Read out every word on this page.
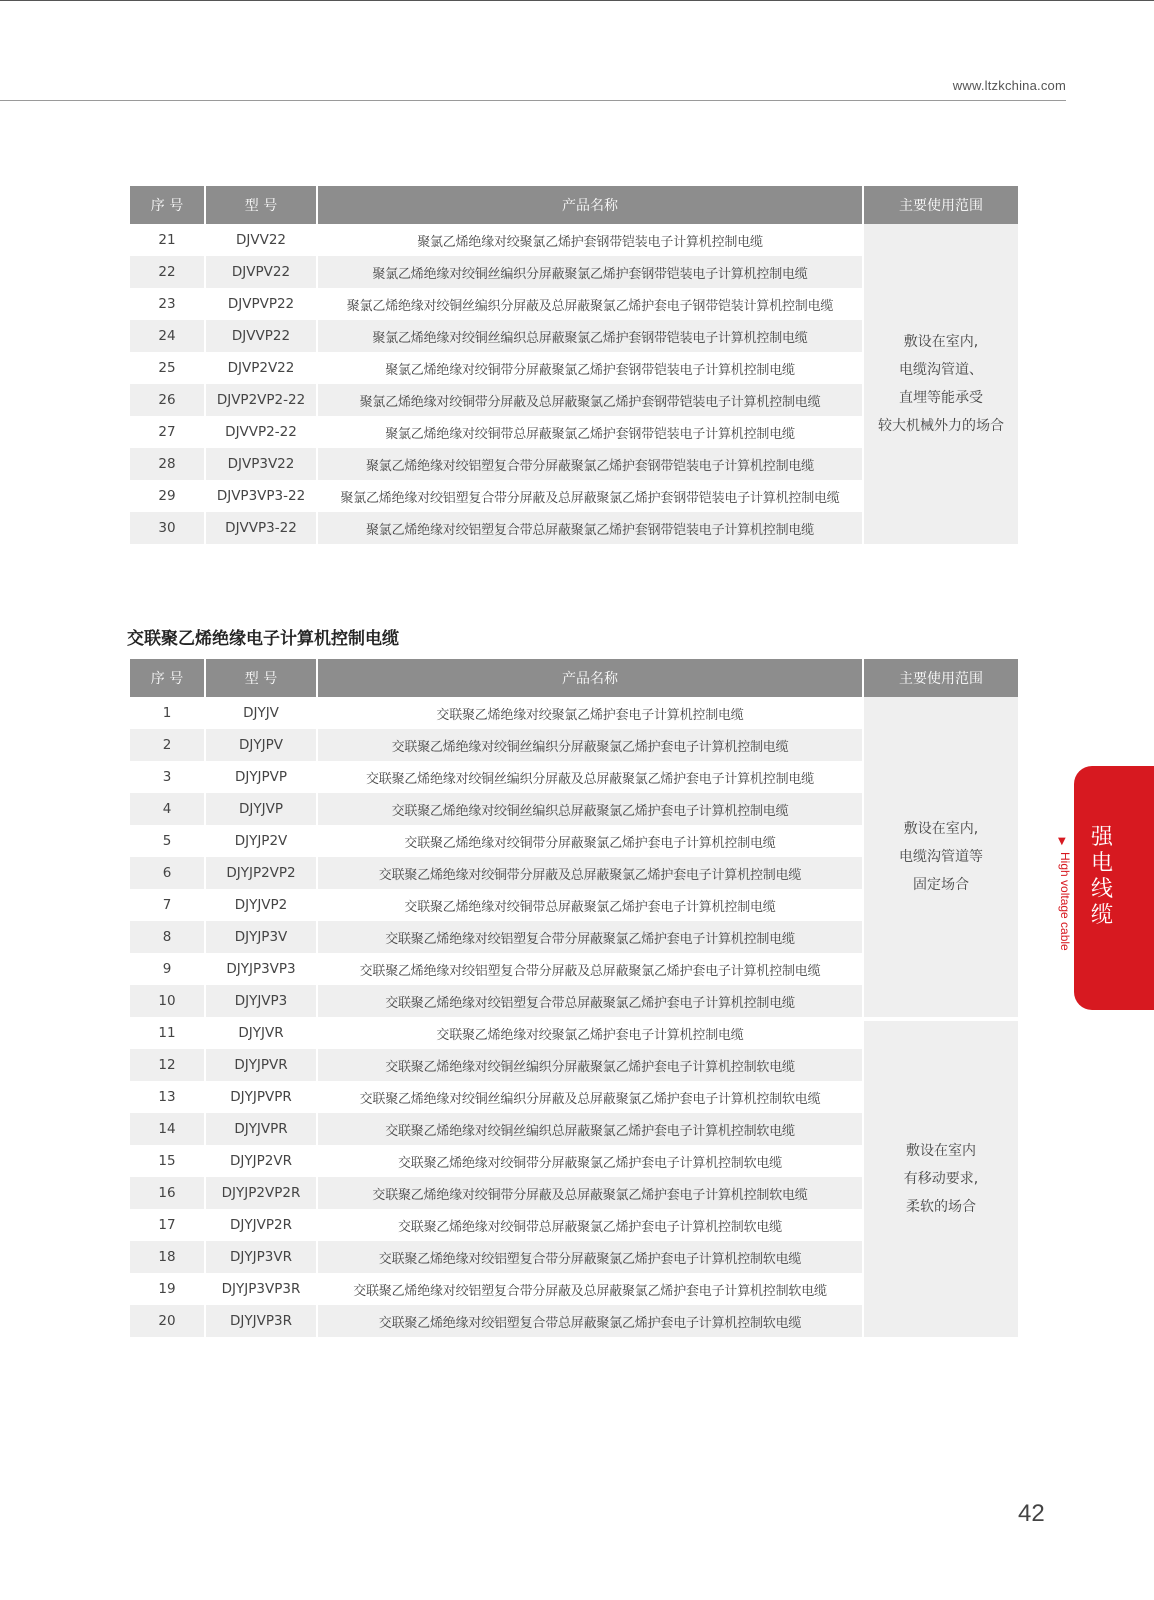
www.ltzkchina.com
序 号	型 号	产品名称	主要使用范围
21	DJVV22	聚氯乙烯绝缘对绞聚氯乙烯护套钢带铠装电子计算机控制电缆	敷设在室内,
电缆沟管道、
直埋等能承受
较大机械外力的场合

22	DJVPV22	聚氯乙烯绝缘对绞铜丝编织分屏蔽聚氯乙烯护套钢带铠装电子计算机控制电缆	
23	DJVPVP22	聚氯乙烯绝缘对绞铜丝编织分屏蔽及总屏蔽聚氯乙烯护套电子钢带铠装计算机控制电缆	
24	DJVVP22	聚氯乙烯绝缘对绞铜丝编织总屏蔽聚氯乙烯护套钢带铠装电子计算机控制电缆	
25	DJVP2V22	聚氯乙烯绝缘对绞铜带分屏蔽聚氯乙烯护套钢带铠装电子计算机控制电缆	
26	DJVP2VP2-22	聚氯乙烯绝缘对绞铜带分屏蔽及总屏蔽聚氯乙烯护套钢带铠装电子计算机控制电缆	
27	DJVVP2-22	聚氯乙烯绝缘对绞铜带总屏蔽聚氯乙烯护套钢带铠装电子计算机控制电缆	
28	DJVP3V22	聚氯乙烯绝缘对绞铝塑复合带分屏蔽聚氯乙烯护套钢带铠装电子计算机控制电缆	
29	DJVP3VP3-22	聚氯乙烯绝缘对绞铝塑复合带分屏蔽及总屏蔽聚氯乙烯护套钢带铠装电子计算机控制电缆	
30	DJVVP3-22	聚氯乙烯绝缘对绞铝塑复合带总屏蔽聚氯乙烯护套钢带铠装电子计算机控制电缆	
交联聚乙烯绝缘电子计算机控制电缆
序 号	型 号	产品名称	主要使用范围
1	DJYJV	交联聚乙烯绝缘对绞聚氯乙烯护套电子计算机控制电缆	敷设在室内,
电缆沟管道等
固定场合

2	DJYJPV	交联聚乙烯绝缘对绞铜丝编织分屏蔽聚氯乙烯护套电子计算机控制电缆	
3	DJYJPVP	交联聚乙烯绝缘对绞铜丝编织分屏蔽及总屏蔽聚氯乙烯护套电子计算机控制电缆	
4	DJYJVP	交联聚乙烯绝缘对绞铜丝编织总屏蔽聚氯乙烯护套电子计算机控制电缆	
5	DJYJP2V	交联聚乙烯绝缘对绞铜带分屏蔽聚氯乙烯护套电子计算机控制电缆	
6	DJYJP2VP2	交联聚乙烯绝缘对绞铜带分屏蔽及总屏蔽聚氯乙烯护套电子计算机控制电缆	
7	DJYJVP2	交联聚乙烯绝缘对绞铜带总屏蔽聚氯乙烯护套电子计算机控制电缆	
8	DJYJP3V	交联聚乙烯绝缘对绞铝塑复合带分屏蔽聚氯乙烯护套电子计算机控制电缆	
9	DJYJP3VP3	交联聚乙烯绝缘对绞铝塑复合带分屏蔽及总屏蔽聚氯乙烯护套电子计算机控制电缆	
10	DJYJVP3	交联聚乙烯绝缘对绞铝塑复合带总屏蔽聚氯乙烯护套电子计算机控制电缆	
11	DJYJVR	交联聚乙烯绝缘对绞聚氯乙烯护套电子计算机控制电缆	敷设在室内
有移动要求,
柔软的场合

12	DJYJPVR	交联聚乙烯绝缘对绞铜丝编织分屏蔽聚氯乙烯护套电子计算机控制软电缆	
13	DJYJPVPR	交联聚乙烯绝缘对绞铜丝编织分屏蔽及总屏蔽聚氯乙烯护套电子计算机控制软电缆	
14	DJYJVPR	交联聚乙烯绝缘对绞铜丝编织总屏蔽聚氯乙烯护套电子计算机控制软电缆	
15	DJYJP2VR	交联聚乙烯绝缘对绞铜带分屏蔽聚氯乙烯护套电子计算机控制软电缆	
16	DJYJP2VP2R	交联聚乙烯绝缘对绞铜带分屏蔽及总屏蔽聚氯乙烯护套电子计算机控制软电缆	
17	DJYJVP2R	交联聚乙烯绝缘对绞铜带总屏蔽聚氯乙烯护套电子计算机控制软电缆	
18	DJYJP3VR	交联聚乙烯绝缘对绞铝塑复合带分屏蔽聚氯乙烯护套电子计算机控制软电缆	
19	DJYJP3VP3R	交联聚乙烯绝缘对绞铝塑复合带分屏蔽及总屏蔽聚氯乙烯护套电子计算机控制软电缆	
20	DJYJVP3R	交联聚乙烯绝缘对绞铝塑复合带总屏蔽聚氯乙烯护套电子计算机控制软电缆	
强电线缆
▼
High voltage cable
42
